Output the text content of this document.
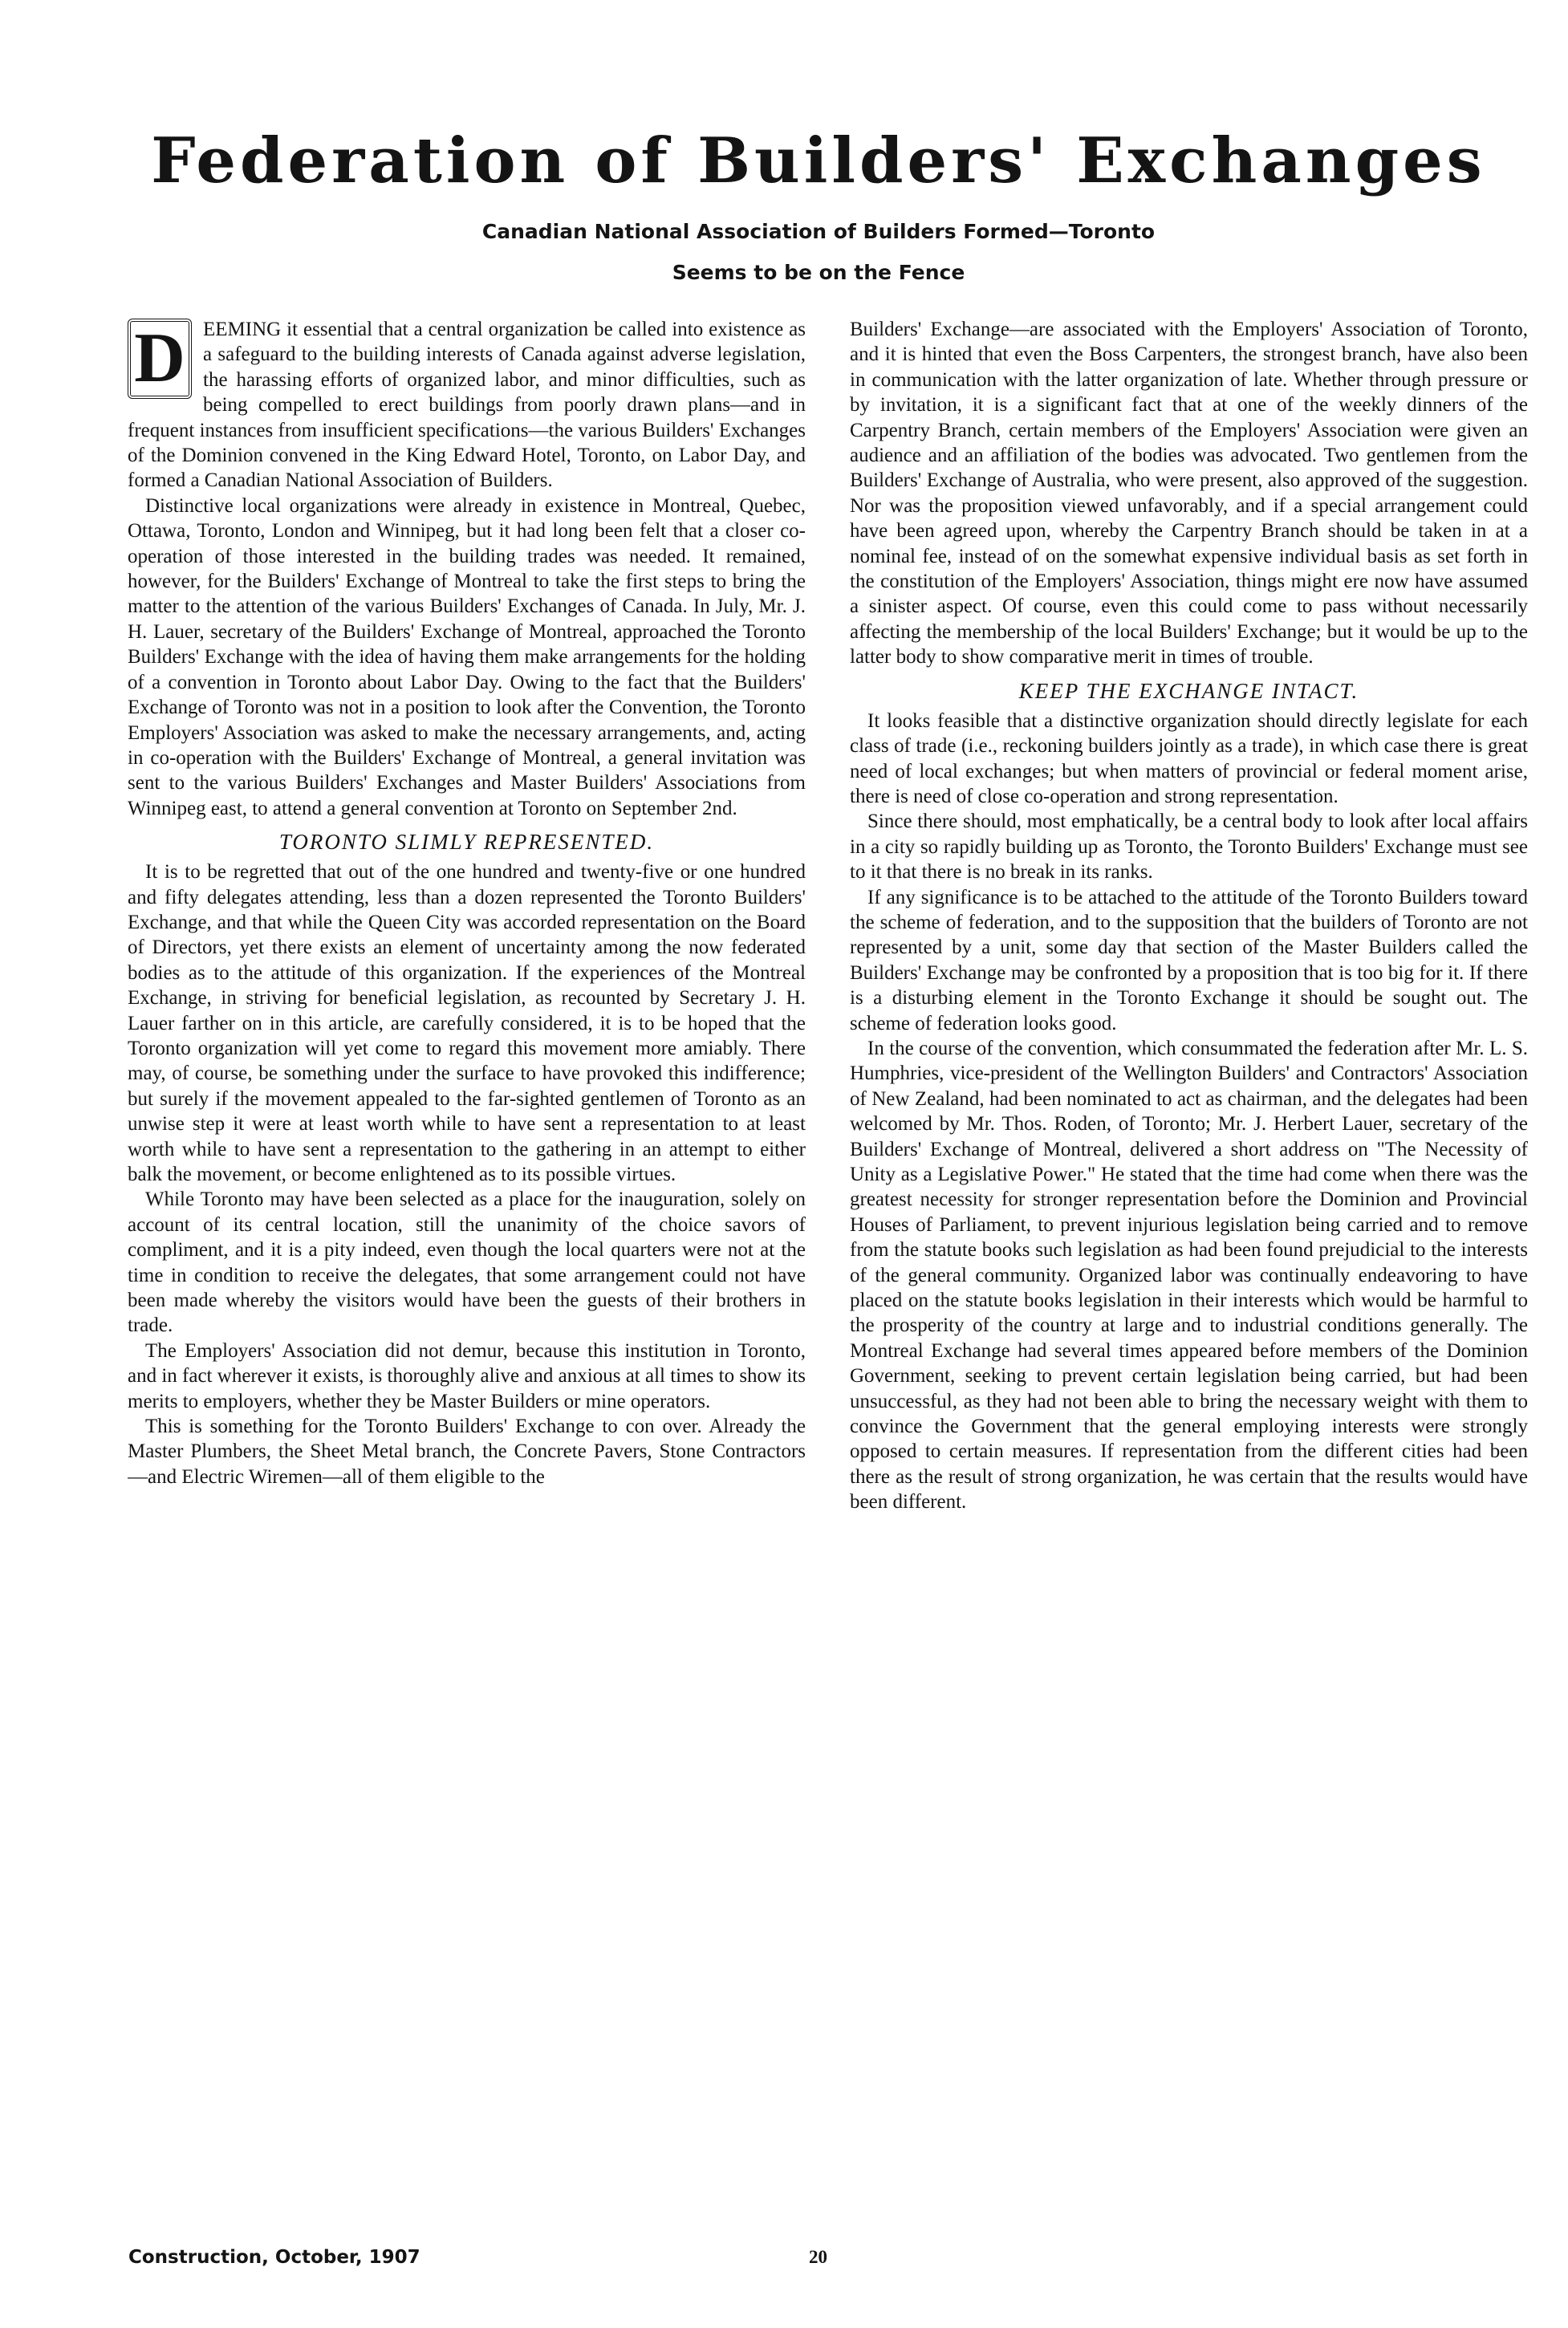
Federation of Builders' Exchanges

Canadian National Association of Builders Formed—Toronto

Seems to be on the Fence

D EEMING it essential that a central organization be called into existence as a safeguard to the building interests of Canada against adverse legislation, the harassing efforts of organized labor, and minor difficulties, such as being compelled to erect buildings from poorly drawn plans—and in frequent instances from insufficient specifications—the various Builders' Exchanges of the Dominion convened in the King Edward Hotel, Toronto, on Labor Day, and formed a Canadian National Association of Builders.

Distinctive local organizations were already in existence in Montreal, Quebec, Ottawa, Toronto, London and Winnipeg, but it had long been felt that a closer co-operation of those interested in the building trades was needed. It remained, however, for the Builders' Exchange of Montreal to take the first steps to bring the matter to the attention of the various Builders' Exchanges of Canada. In July, Mr. J. H. Lauer, secretary of the Builders' Exchange of Montreal, approached the Toronto Builders' Exchange with the idea of having them make arrangements for the holding of a convention in Toronto about Labor Day. Owing to the fact that the Builders' Exchange of Toronto was not in a position to look after the Convention, the Toronto Employers' Association was asked to make the necessary arrangements, and, acting in co-operation with the Builders' Exchange of Montreal, a general invitation was sent to the various Builders' Exchanges and Master Builders' Associations from Winnipeg east, to attend a general convention at Toronto on September 2nd.

TORONTO SLIMLY REPRESENTED.

It is to be regretted that out of the one hundred and twenty-five or one hundred and fifty delegates attending, less than a dozen represented the Toronto Builders' Exchange, and that while the Queen City was accorded representation on the Board of Directors, yet there exists an element of uncertainty among the now federated bodies as to the attitude of this organization. If the experiences of the Montreal Exchange, in striving for beneficial legislation, as recounted by Secretary J. H. Lauer farther on in this article, are carefully considered, it is to be hoped that the Toronto organization will yet come to regard this movement more amiably. There may, of course, be something under the surface to have provoked this indifference; but surely if the movement appealed to the far-sighted gentlemen of Toronto as an unwise step it were at least worth while to have sent a representation to at least worth while to have sent a representation to the gathering in an attempt to either balk the movement, or become enlightened as to its possible virtues.

While Toronto may have been selected as a place for the inauguration, solely on account of its central location, still the unanimity of the choice savors of compliment, and it is a pity indeed, even though the local quarters were not at the time in condition to receive the delegates, that some arrangement could not have been made whereby the visitors would have been the guests of their brothers in trade.

The Employers' Association did not demur, because this institution in Toronto, and in fact wherever it exists, is thoroughly alive and anxious at all times to show its merits to employers, whether they be Master Builders or mine operators.

This is something for the Toronto Builders' Exchange to con over. Already the Master Plumbers, the Sheet Metal branch, the Concrete Pavers, Stone Contractors —and Electric Wiremen—all of them eligible to the

Builders' Exchange—are associated with the Employers' Association of Toronto, and it is hinted that even the Boss Carpenters, the strongest branch, have also been in communication with the latter organization of late. Whether through pressure or by invitation, it is a significant fact that at one of the weekly dinners of the Carpentry Branch, certain members of the Employers' Association were given an audience and an affiliation of the bodies was advocated. Two gentlemen from the Builders' Exchange of Australia, who were present, also approved of the suggestion. Nor was the proposition viewed unfavorably, and if a special arrangement could have been agreed upon, whereby the Carpentry Branch should be taken in at a nominal fee, instead of on the somewhat expensive individual basis as set forth in the constitution of the Employers' Association, things might ere now have assumed a sinister aspect. Of course, even this could come to pass without necessarily affecting the membership of the local Builders' Exchange; but it would be up to the latter body to show comparative merit in times of trouble.

KEEP THE EXCHANGE INTACT.

It looks feasible that a distinctive organization should directly legislate for each class of trade (i.e., reckoning builders jointly as a trade), in which case there is great need of local exchanges; but when matters of provincial or federal moment arise, there is need of close co-operation and strong representation.

Since there should, most emphatically, be a central body to look after local affairs in a city so rapidly building up as Toronto, the Toronto Builders' Exchange must see to it that there is no break in its ranks.

If any significance is to be attached to the attitude of the Toronto Builders toward the scheme of federation, and to the supposition that the builders of Toronto are not represented by a unit, some day that section of the Master Builders called the Builders' Exchange may be confronted by a proposition that is too big for it. If there is a disturbing element in the Toronto Exchange it should be sought out. The scheme of federation looks good.

In the course of the convention, which consummated the federation after Mr. L. S. Humphries, vice-president of the Wellington Builders' and Contractors' Association of New Zealand, had been nominated to act as chairman, and the delegates had been welcomed by Mr. Thos. Roden, of Toronto; Mr. J. Herbert Lauer, secretary of the Builders' Exchange of Montreal, delivered a short address on "The Necessity of Unity as a Legislative Power." He stated that the time had come when there was the greatest necessity for stronger representation before the Dominion and Provincial Houses of Parliament, to prevent injurious legislation being carried and to remove from the statute books such legislation as had been found prejudicial to the interests of the general community. Organized labor was continually endeavoring to have placed on the statute books legislation in their interests which would be harmful to the prosperity of the country at large and to industrial conditions generally. The Montreal Exchange had several times appeared before members of the Dominion Government, seeking to prevent certain legislation being carried, but had been unsuccessful, as they had not been able to bring the necessary weight with them to convince the Government that the general employing interests were strongly opposed to certain measures. If representation from the different cities had been there as the result of strong organization, he was certain that the results would have been different.

Construction, October, 1907	20
